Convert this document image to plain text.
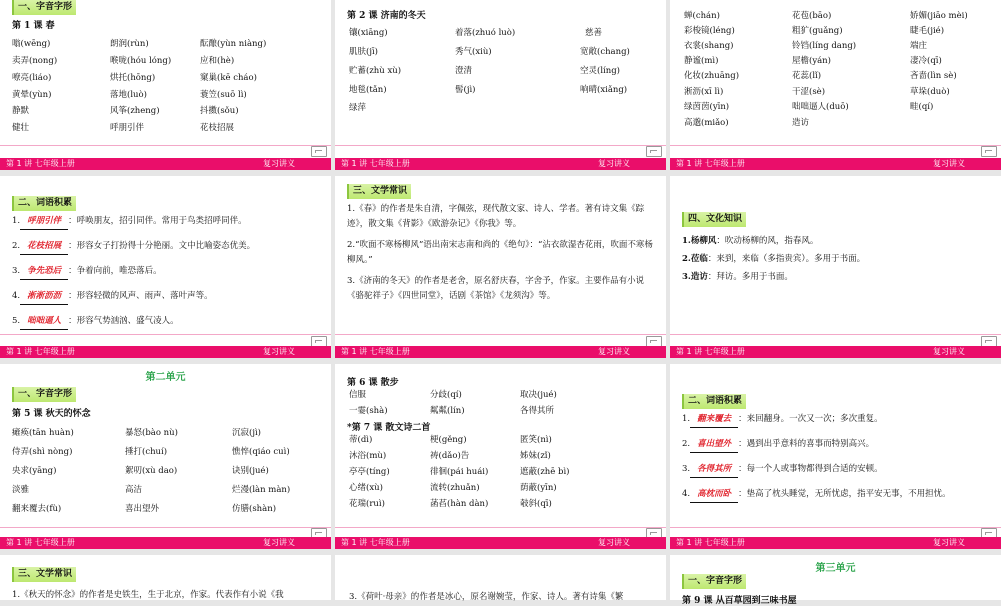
一、字音字形
第 1 课 春
嗡(wēng)	朗润(rùn)	酝酿(yùn niàng)
卖弄(nong)	喉咙(hóu lóng)	应和(hè)
嘹亮(liáo)	烘托(hōng)	窠巢(kē cháo)
黄晕(yùn)	落地(luò)	蓑笠(suō lì)
静默	风筝(zheng)	抖擞(sǒu)
健壮	呼朋引伴	花枝招展
第 1 讲 七年级上册	复习讲义
第 2 课 济南的冬天
镶(xiāng)	着落(zhuó luò)	慈善
肌肤(jī)	秀气(xiù)	宽敞(chang)
贮蓄(zhù xù)	澄清	空灵(líng)
地毯(tǎn)	髻(jì)	响晴(xiǎng)
绿萍
第 1 讲 七年级上册	复习讲义
蝉(chán)	花苞(bāo)	娇媚(jiāo mèi)
彩梭镜(léng)	粗犷(guǎng)	睫毛(jié)
衣裳(shang)	铃铛(líng dang)	端庄
静谧(mì)	屋檐(yán)	凄冷(qī)
化妆(zhuāng)	花蕊(lǐ)	吝啬(lìn sè)
淅沥(xī lì)	干涩(sè)	草垛(duò)
绿茵茵(yīn)	咄咄逼人(duō)	畦(qí)
高邈(miǎo)	造访
第 1 讲 七年级上册	复习讲义
二、词语积累
1. 呼朋引伴 ：呼唤朋友，招引同伴。常用于鸟类招呼同伴。
2. 花枝招展 ：形容女子打扮得十分艳丽。文中比喻姿态优美。
3. 争先恐后 ：争着向前，唯恐落后。
4. 淅淅沥沥 ：形容轻微的风声、雨声、落叶声等。
5. 咄咄逼人 ：形容气势汹汹、盛气凌人。
第 1 讲 七年级上册	复习讲义
三、文学常识

1.《春》的作者是朱自清，字佩弦，现代散文家、诗人、学者。著有诗文集《踪迹》，散文集《背影》《欧游杂记》《你我》等。

2.“吹面不寒杨柳风”语出南宋志南和尚的《绝句》：“沾衣欲湿杏花雨，吹面不寒杨柳风。”

3.《济南的冬天》的作者是老舍，原名舒庆春，字舍予，作家。主要作品有小说《骆驼祥子》《四世同堂》，话剧《茶馆》《龙须沟》等。

第 1 讲 七年级上册	复习讲义
四、文化知识
1.杨柳风：吹动杨柳的风，指春风。
2.莅临：来到，来临（多指贵宾）。多用于书面。
3.造访：拜访。多用于书面。
第 1 讲 七年级上册	复习讲义
第二单元
一、字音字形
第 5 课 秋天的怀念
瘫痪(tān huàn)	暴怒(bào nù)	沉寂(jì)
侍弄(shì nòng)	捶打(chuí)	憔悴(qiáo cuì)
央求(yāng)	絮叨(xù dao)	诀别(jué)
淡雅	高洁	烂漫(làn màn)
翻来覆去(fù)	喜出望外	仿膳(shàn)
第 1 讲 七年级上册	复习讲义
第 6 课 散步
信服	分歧(qí)	取决(jué)
一霎(shà)	粼粼(lín)	各得其所
*第 7 课 散文诗二首
蒂(dì)	梗(gěng)	匿笑(nì)
沐浴(mù)	祷(dǎo)告	姊妹(zǐ)
亭亭(tíng)	徘徊(pái huái)	遮蔽(zhē bì)
心绪(xù)	流转(zhuǎn)	荫蔽(yīn)
花瑞(ruì)	菡萏(hàn dàn)	攲斜(qī)
第 1 讲 七年级上册	复习讲义
二、词语积累
1. 翻来覆去 ：来回翻身。一次又一次；多次重复。
2. 喜出望外 ：遇到出乎意料的喜事而特别高兴。
3. 各得其所 ：每一个人或事物都得到合适的安顿。
4. 高枕而卧 ：垫高了枕头睡觉，无所忧虑，指平安无事，不用担忧。
第 1 讲 七年级上册	复习讲义
三、文学常识
1.《秋天的怀念》的作者是史铁生，生于北京，作家。代表作有小说《我	3.《荷叶·母亲》的作者是冰心，原名谢婉莹，作家、诗人。著有诗集《繁
第三单元
一、字音字形
第 9 课 从百草园到三味书屋
